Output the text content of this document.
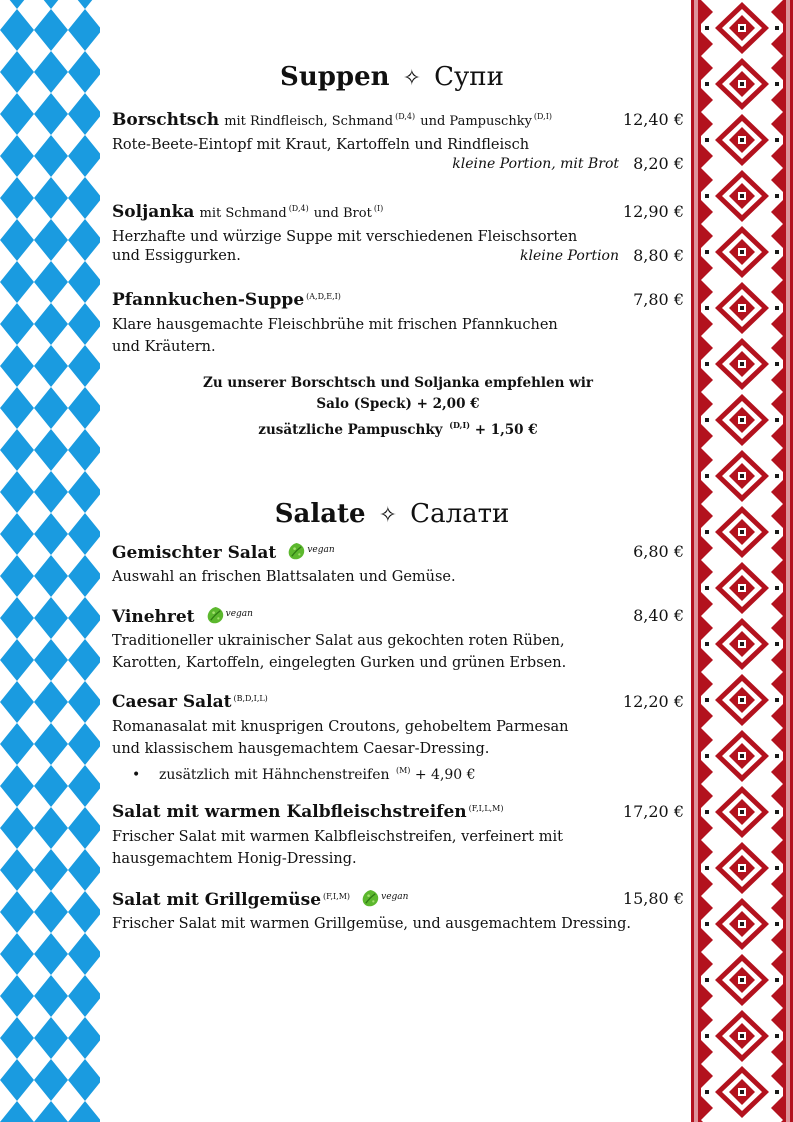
Suppen ✧ Супи
Borschtsch mit Rindfleisch, Schmand $^{(D,4)}$ und Pampuschky $^{(D,I)}$	12,40 €
Rote-Beete-Eintopf mit Kraut, Kartoffeln und Rindfleisch
kleine Portion, mit Brot 8,20 €
Soljanka mit Schmand $^{(D,4)}$ und Brot $^{(I)}$	12,90 €
Herzhafte und würzige Suppe mit verschiedenen Fleischsorten
und Essiggurken.	kleine Portion 8,80 €
Pfannkuchen-Suppe $^{(A,D,E,I)}$	7,80 €
Klare hausgemachte Fleischbrühe mit frischen Pfannkuchen und Kräutern.
Zu unserer Borschtsch und Soljanka empfehlen wir
Salo (Speck) + 2,00 €
zusätzliche Pampuschky $^{(D,I)}$ + 1,50 €
Salate ✧ Салати
Gemischter Salat	$^{vegan}$	6,80 €
Auswahl an frischen Blattsalaten und Gemüse.
Vinehret	$^{vegan}$	8,40 €
Traditioneller ukrainischer Salat aus gekochten roten Rüben, Karotten, Kartoffeln, eingelegten Gurken und grünen Erbsen.
Caesar Salat $^{(B,D,I,L)}$	12,20 €
Romanasalat mit knusprigen Croutons, gehobeltem Parmesan und klassischem hausgemachtem Caesar-Dressing.
• zusätzlich mit Hähnchenstreifen $^{(M)}$ + 4,90 €
Salat mit warmen Kalbfleischstreifen $^{(F,I,L,M)}$	17,20 €
Frischer Salat mit warmen Kalbfleischstreifen, verfeinert mit hausgemachtem Honig-Dressing.
Salat mit Grillgemüse $^{(F,I,M)}$	$^{vegan}$	15,80 €
Frischer Salat mit warmen Grillgemüse, und ausgemachtem Dressing.
